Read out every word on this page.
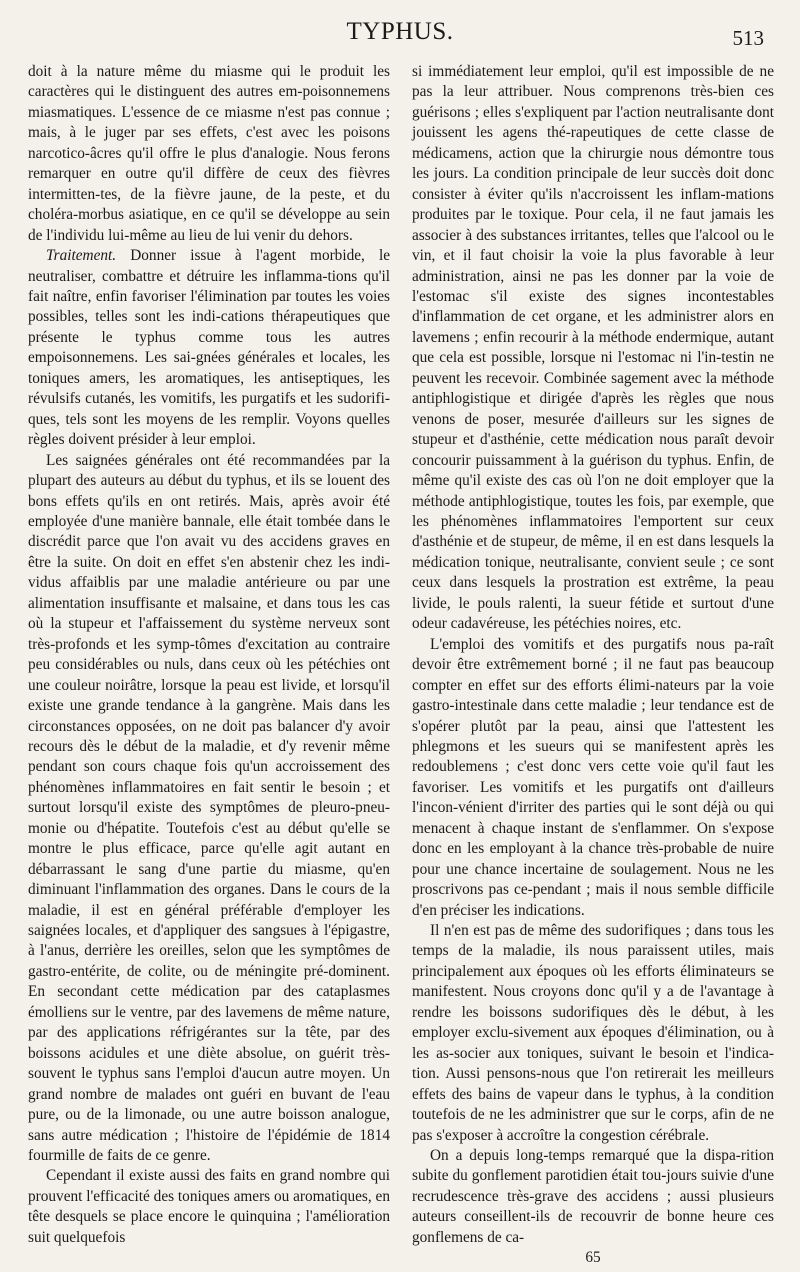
TYPHUS.	513

doit à la nature même du miasme qui le produit les caractères qui le distinguent des autres em-poisonnemens miasmatiques. L'essence de ce miasme n'est pas connue ; mais, à le juger par ses effets, c'est avec les poisons narcotico-âcres qu'il offre le plus d'analogie. Nous ferons remarquer en outre qu'il diffère de ceux des fièvres intermitten-tes, de la fièvre jaune, de la peste, et du choléra-morbus asiatique, en ce qu'il se développe au sein de l'individu lui-même au lieu de lui venir du dehors.

Traitement. Donner issue à l'agent morbide, le neutraliser, combattre et détruire les inflamma-tions qu'il fait naître, enfin favoriser l'élimination par toutes les voies possibles, telles sont les indi-cations thérapeutiques que présente le typhus comme tous les autres empoisonnemens. Les sai-gnées générales et locales, les toniques amers, les aromatiques, les antiseptiques, les révulsifs cutanés, les vomitifs, les purgatifs et les sudorifi-ques, tels sont les moyens de les remplir. Voyons quelles règles doivent présider à leur emploi.

Les saignées générales ont été recommandées par la plupart des auteurs au début du typhus, et ils se louent des bons effets qu'ils en ont retirés. Mais, après avoir été employée d'une manière bannale, elle était tombée dans le discrédit parce que l'on avait vu des accidens graves en être la suite. On doit en effet s'en abstenir chez les indi-vidus affaiblis par une maladie antérieure ou par une alimentation insuffisante et malsaine, et dans tous les cas où la stupeur et l'affaissement du système nerveux sont très-profonds et les symp-tômes d'excitation au contraire peu considérables ou nuls, dans ceux où les pétéchies ont une couleur noirâtre, lorsque la peau est livide, et lorsqu'il existe une grande tendance à la gangrène. Mais dans les circonstances opposées, on ne doit pas balancer d'y avoir recours dès le début de la maladie, et d'y revenir même pendant son cours chaque fois qu'un accroissement des phénomènes inflammatoires en fait sentir le besoin ; et surtout lorsqu'il existe des symptômes de pleuro-pneu-monie ou d'hépatite. Toutefois c'est au début qu'elle se montre le plus efficace, parce qu'elle agit autant en débarrassant le sang d'une partie du miasme, qu'en diminuant l'inflammation des organes. Dans le cours de la maladie, il est en général préférable d'employer les saignées locales, et d'appliquer des sangsues à l'épigastre, à l'anus, derrière les oreilles, selon que les symptômes de gastro-entérite, de colite, ou de méningite pré-dominent. En secondant cette médication par des cataplasmes émolliens sur le ventre, par des lavemens de même nature, par des applications réfrigérantes sur la tête, par des boissons acidules et une diète absolue, on guérit très-souvent le typhus sans l'emploi d'aucun autre moyen. Un grand nombre de malades ont guéri en buvant de l'eau pure, ou de la limonade, ou une autre boisson analogue, sans autre médication ; l'histoire de l'épidémie de 1814 fourmille de faits de ce genre.

Cependant il existe aussi des faits en grand nombre qui prouvent l'efficacité des toniques amers ou aromatiques, en tête desquels se place encore le quinquina ; l'amélioration suit quelquefois

si immédiatement leur emploi, qu'il est impossible de ne pas la leur attribuer. Nous comprenons très-bien ces guérisons ; elles s'expliquent par l'action neutralisante dont jouissent les agens thé-rapeutiques de cette classe de médicamens, action que la chirurgie nous démontre tous les jours. La condition principale de leur succès doit donc consister à éviter qu'ils n'accroissent les inflam-mations produites par le toxique. Pour cela, il ne faut jamais les associer à des substances irritantes, telles que l'alcool ou le vin, et il faut choisir la voie la plus favorable à leur administration, ainsi ne pas les donner par la voie de l'estomac s'il existe des signes incontestables d'inflammation de cet organe, et les administrer alors en lavemens ; enfin recourir à la méthode endermique, autant que cela est possible, lorsque ni l'estomac ni l'in-testin ne peuvent les recevoir. Combinée sagement avec la méthode antiphlogistique et dirigée d'après les règles que nous venons de poser, mesurée d'ailleurs sur les signes de stupeur et d'asthénie, cette médication nous paraît devoir concourir puissamment à la guérison du typhus. Enfin, de même qu'il existe des cas où l'on ne doit employer que la méthode antiphlogistique, toutes les fois, par exemple, que les phénomènes inflammatoires l'emportent sur ceux d'asthénie et de stupeur, de même, il en est dans lesquels la médication tonique, neutralisante, convient seule ; ce sont ceux dans lesquels la prostration est extrême, la peau livide, le pouls ralenti, la sueur fétide et surtout d'une odeur cadavéreuse, les pétéchies noires, etc.

L'emploi des vomitifs et des purgatifs nous pa-raît devoir être extrêmement borné ; il ne faut pas beaucoup compter en effet sur des efforts élimi-nateurs par la voie gastro-intestinale dans cette maladie ; leur tendance est de s'opérer plutôt par la peau, ainsi que l'attestent les phlegmons et les sueurs qui se manifestent après les redoublemens ; c'est donc vers cette voie qu'il faut les favoriser. Les vomitifs et les purgatifs ont d'ailleurs l'incon-vénient d'irriter des parties qui le sont déjà ou qui menacent à chaque instant de s'enflammer. On s'expose donc en les employant à la chance très-probable de nuire pour une chance incertaine de soulagement. Nous ne les proscrivons pas ce-pendant ; mais il nous semble difficile d'en préciser les indications.

Il n'en est pas de même des sudorifiques ; dans tous les temps de la maladie, ils nous paraissent utiles, mais principalement aux époques où les efforts éliminateurs se manifestent. Nous croyons donc qu'il y a de l'avantage à rendre les boissons sudorifiques dès le début, à les employer exclu-sivement aux époques d'élimination, ou à les as-socier aux toniques, suivant le besoin et l'indica-tion. Aussi pensons-nous que l'on retirerait les meilleurs effets des bains de vapeur dans le typhus, à la condition toutefois de ne les administrer que sur le corps, afin de ne pas s'exposer à accroître la congestion cérébrale.

On a depuis long-temps remarqué que la dispa-rition subite du gonflement parotidien était tou-jours suivie d'une recrudescence très-grave des accidens ; aussi plusieurs auteurs conseillent-ils de recouvrir de bonne heure ces gonflemens de ca-

65
